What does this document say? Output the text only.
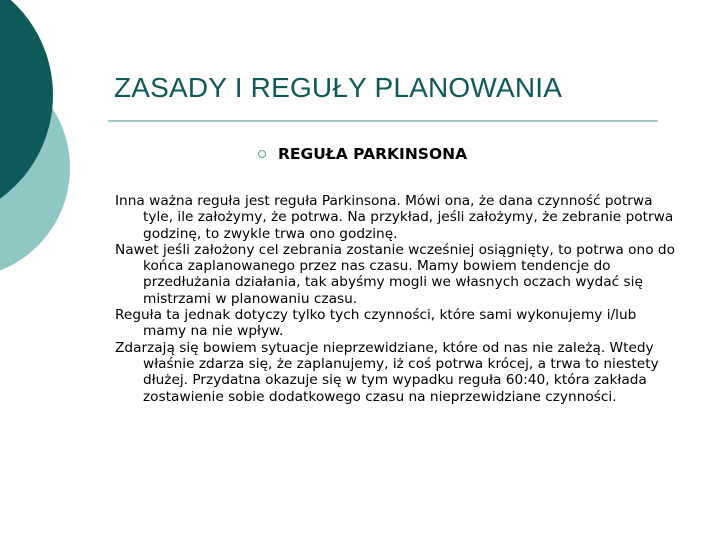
ZASADY I REGUŁY PLANOWANIA
REGUŁA PARKINSONA

Inna ważna reguła jest reguła Parkinsona. Mówi ona, że dana czynność potrwa tyle, ile założymy, że potrwa. Na przykład, jeśli założymy, że zebranie potrwa godzinę, to zwykle trwa ono godzinę.

Nawet jeśli założony cel zebrania zostanie wcześniej osiągnięty, to potrwa ono do końca zaplanowanego przez nas czasu. Mamy bowiem tendencje do przedłużania działania, tak abyśmy mogli we własnych oczach wydać się mistrzami w planowaniu czasu.

Reguła ta jednak dotyczy tylko tych czynności, które sami wykonujemy i/lub mamy na nie wpływ.

Zdarzają się bowiem sytuacje nieprzewidziane, które od nas nie zależą. Wtedy właśnie zdarza się, że zaplanujemy, iż coś potrwa krócej, a trwa to niestety dłużej. Przydatna okazuje się w tym wypadku reguła 60:40, która zakłada zostawienie sobie dodatkowego czasu na nieprzewidziane czynności.
